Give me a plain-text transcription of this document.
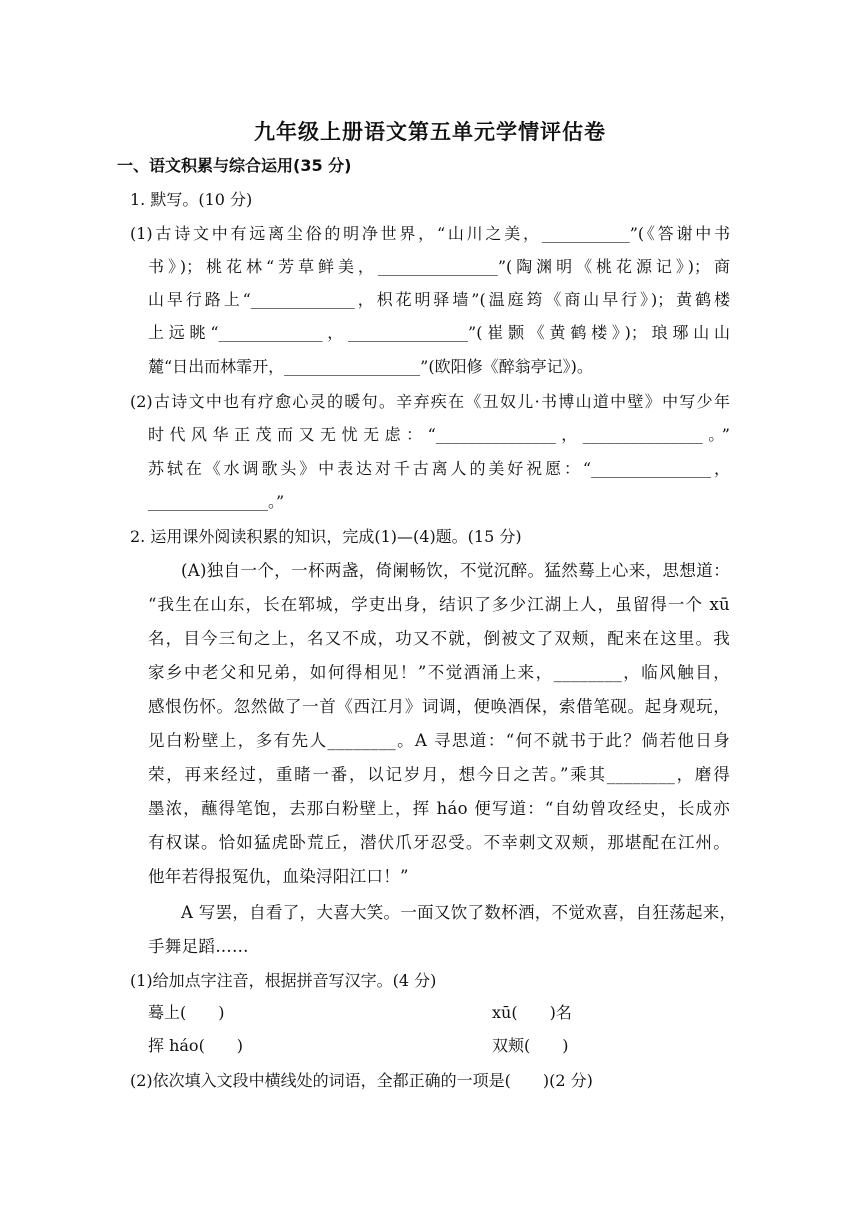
九年级上册语文第五单元学情评估卷
一、语文积累与综合运用(35 分)
1. 默写。(10 分)
(1)古诗文中有远离尘俗的明净世界，“山川之美，___________”(《答谢中书
书》)；桃花林“芳草鲜美，_______________”(陶渊明《桃花源记》)；商
山早行路上“_____________，枳花明驿墙”(温庭筠《商山早行》)；黄鹤楼
上远眺“_____________，_______________”(崔颢《黄鹤楼》)；琅琊山山
麓“日出而林霏开，_________________”(欧阳修《醉翁亭记》)。
(2)古诗文中也有疗愈心灵的暖句。辛弃疾在《丑奴儿·书博山道中壁》中写少年
时代风华正茂而又无忧无虑：“_______________，_______________。”
苏轼在《水调歌头》中表达对千古离人的美好祝愿：“_______________，
_______________。”
2. 运用课外阅读积累的知识，完成(1)—(4)题。(15 分)
(A)独自一个，一杯两盏，倚阑畅饮，不觉沉醉。猛然蓦上心来，思想道：
“我生在山东，长在郓城，学吏出身，结识了多少江湖上人，虽留得一个 xū
名，目今三旬之上，名又不成，功又不就，倒被文了双颊，配来在这里。我
家乡中老父和兄弟，如何得相见！”不觉酒涌上来，________，临风触目，
感恨伤怀。忽然做了一首《西江月》词调，便唤酒保，索借笔砚。起身观玩，
见白粉壁上，多有先人________。A 寻思道：“何不就书于此？倘若他日身
荣，再来经过，重睹一番，以记岁月，想今日之苦。”乘其________，磨得
墨浓，蘸得笔饱，去那白粉壁上，挥 háo 便写道：“自幼曾攻经史，长成亦
有权谋。恰如猛虎卧荒丘，潜伏爪牙忍受。不幸刺文双颊，那堪配在江州。
他年若得报冤仇，血染浔阳江口！”
A 写罢，自看了，大喜大笑。一面又饮了数杯酒，不觉欢喜，自狂荡起来，
手舞足蹈……
(1)给加点字注音，根据拼音写汉字。(4 分)
蓦上(　　)	xū(　　)名
挥 háo(　　)	双颊(　　)
(2)依次填入文段中横线处的词语，全都正确的一项是(　　)(2 分)
